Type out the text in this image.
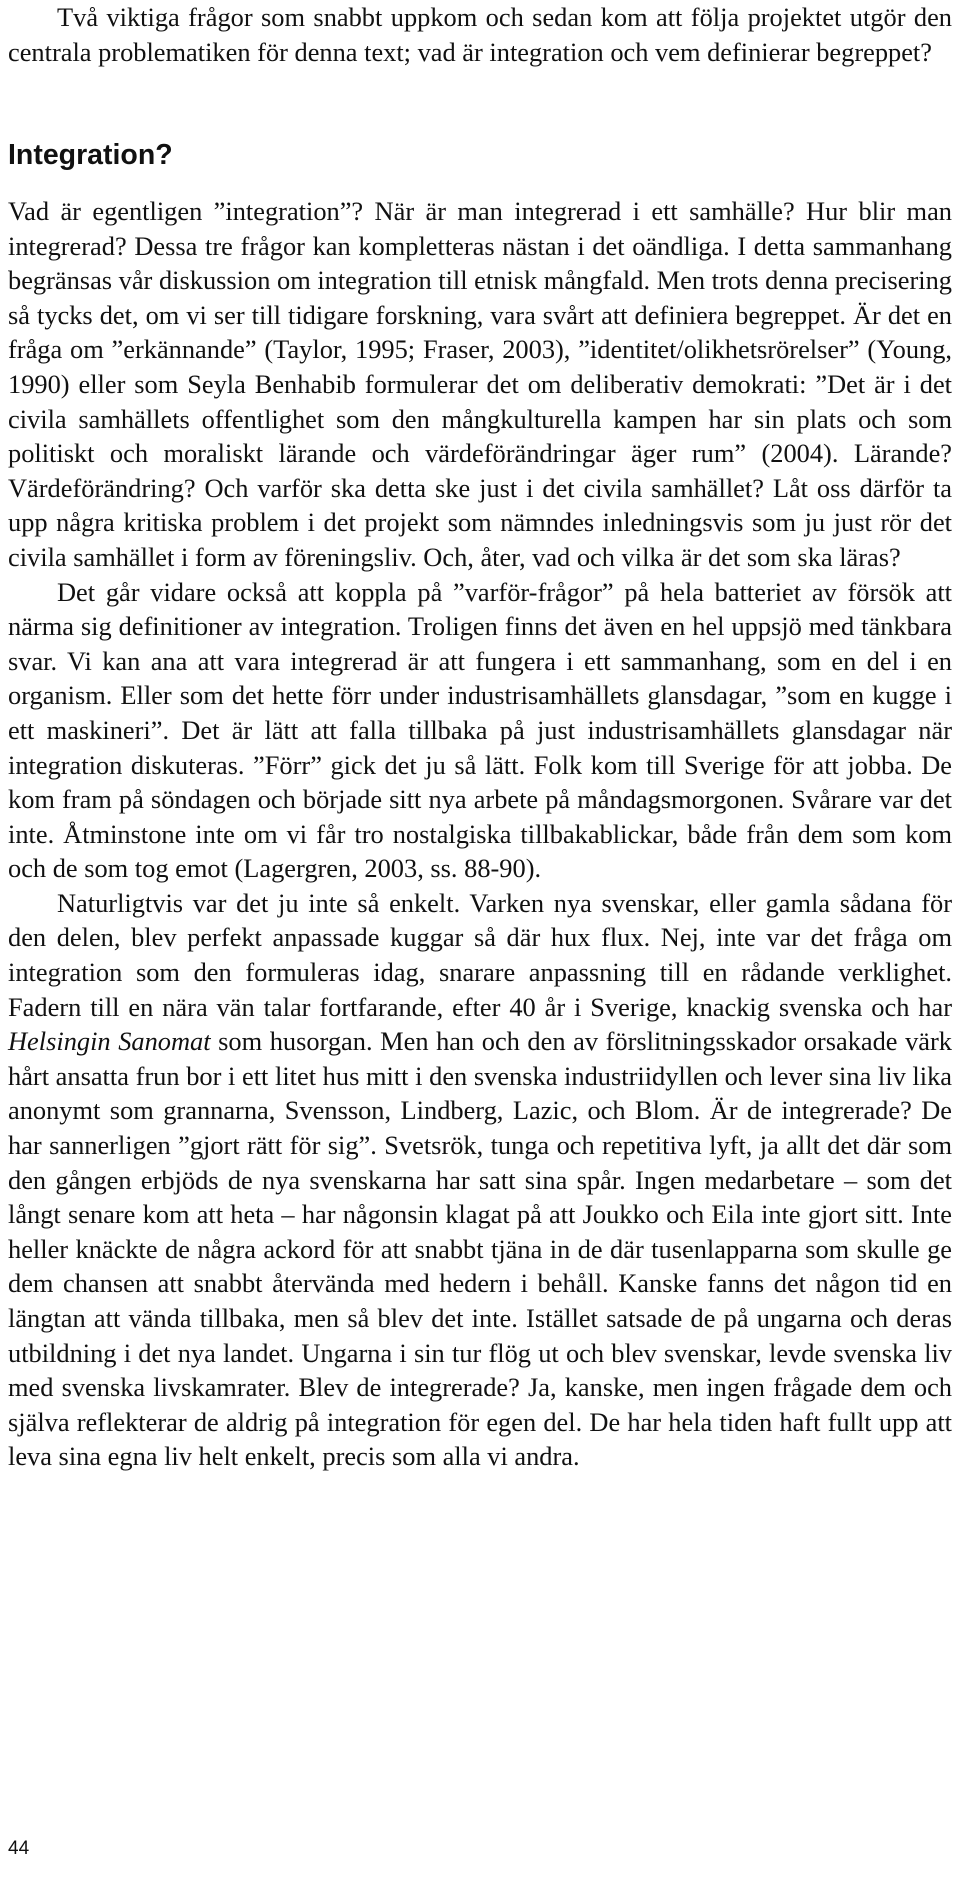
Två viktiga frågor som snabbt uppkom och sedan kom att följa projektet utgör den centrala problematiken för denna text; vad är integration och vem definierar begreppet?

Integration?

Vad är egentligen ”integration”? När är man integrerad i ett samhälle? Hur blir man integrerad? Dessa tre frågor kan kompletteras nästan i det oändliga. I detta sammanhang begränsas vår diskussion om integration till etnisk mångfald. Men trots denna precisering så tycks det, om vi ser till tidigare forskning, vara svårt att definiera begreppet. Är det en fråga om ”erkännande” (Taylor, 1995; Fraser, 2003), ”identitet/olikhetsrörelser” (Young, 1990) eller som Seyla Benhabib formulerar det om deliberativ demokrati: ”Det är i det civila samhällets offentlighet som den mångkulturella kampen har sin plats och som politiskt och moraliskt lärande och värdeförändringar äger rum” (2004). Lärande? Värdeförändring? Och varför ska detta ske just i det civila samhället? Låt oss därför ta upp några kritiska problem i det projekt som nämndes inledningsvis som ju just rör det civila samhället i form av föreningsliv. Och, åter, vad och vilka är det som ska läras?

Det går vidare också att koppla på ”varför-frågor” på hela batteriet av försök att närma sig definitioner av integration. Troligen finns det även en hel uppsjö med tänkbara svar. Vi kan ana att vara integrerad är att fungera i ett sammanhang, som en del i en organism. Eller som det hette förr under industrisamhällets glansdagar, ”som en kugge i ett maskineri”. Det är lätt att falla tillbaka på just industrisamhällets glansdagar när integration diskuteras. ”Förr” gick det ju så lätt. Folk kom till Sverige för att jobba. De kom fram på söndagen och började sitt nya arbete på måndagsmorgonen. Svårare var det inte. Åtminstone inte om vi får tro nostalgiska tillbakablickar, både från dem som kom och de som tog emot (Lagergren, 2003, ss. 88-90).

Naturligtvis var det ju inte så enkelt. Varken nya svenskar, eller gamla sådana för den delen, blev perfekt anpassade kuggar så där hux flux. Nej, inte var det fråga om integration som den formuleras idag, snarare anpassning till en rådande verklighet. Fadern till en nära vän talar fortfarande, efter 40 år i Sverige, knackig svenska och har Helsingin Sanomat som husorgan. Men han och den av förslitningsskador orsakade värk hårt ansatta frun bor i ett litet hus mitt i den svenska industriidyllen och lever sina liv lika anonymt som grannarna, Svensson, Lindberg, Lazic, och Blom. Är de integrerade? De har sannerligen ”gjort rätt för sig”. Svetsrök, tunga och repetitiva lyft, ja allt det där som den gången erbjöds de nya svenskarna har satt sina spår. Ingen medarbetare – som det långt senare kom att heta – har någonsin klagat på att Joukko och Eila inte gjort sitt. Inte heller knäckte de några ackord för att snabbt tjäna in de där tusenlapparna som skulle ge dem chansen att snabbt återvända med hedern i behåll. Kanske fanns det någon tid en längtan att vända tillbaka, men så blev det inte. Istället satsade de på ungarna och deras utbildning i det nya landet. Ungarna i sin tur flög ut och blev svenskar, levde svenska liv med svenska livskamrater. Blev de integrerade? Ja, kanske, men ingen frågade dem och själva reflekterar de aldrig på integration för egen del. De har hela tiden haft fullt upp att leva sina egna liv helt enkelt, precis som alla vi andra.

44
